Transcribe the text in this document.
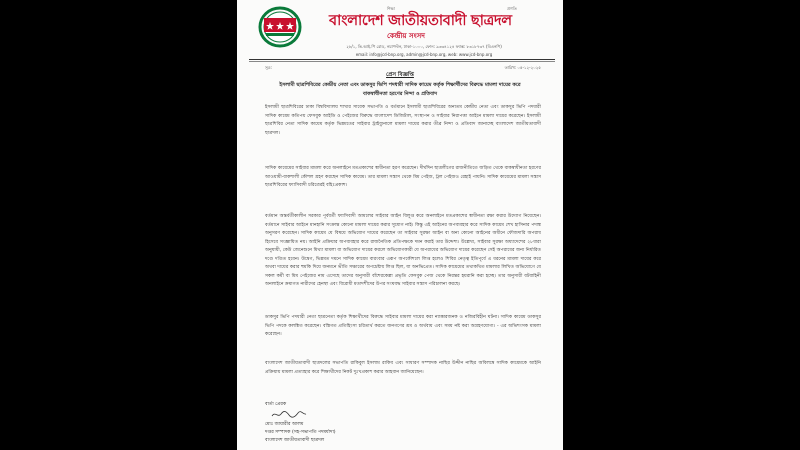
শিক্ষা	প্রগতি
বাংলাদেশ জাতীয়তাবাদী ছাত্রদল
কেন্দ্রীয় সংসদ
২৮/১, ভি.আই.পি রোড, নয়াপল্টন, ঢাকা-১০০০, ফোন: ৯৩৩৪১২৪ ফ্যাক্স: ৮৩১৮৭৩৭ (বিএনপি)
email: info@jcd-bnp.org, admin@jcd-bnp.org, web: www.jcd-bnp.org
সূত্র:	তারিখ: ০৫-১২-২০২৫
প্রেস বিজ্ঞপ্তি
ইসলামী ছাত্রশিবিরের কেন্দ্রীয় নেতা এবং ডাকসুর ভিপি পদধারী সাদিক কায়েম কর্তৃক শিক্ষার্থীদের বিরুদ্ধে মামলা দায়ের করে বাকস্বাধীনতা হরণের নিন্দা ও প্রতিবাদ
ইসলামী ছাত্রশিবিরের ঢাকা বিশ্ববিদ্যালয় শাখার সাবেক সভাপতি ও বর্তমানে ইসলামী ছাত্রশিবিরের অন্যতম কেন্দ্রীয় নেতা এবং ডাকসুর ভিপি পদধারী সাদিক কায়েম কতিপয় ফেসবুক আইডি ও পেইজের বিরুদ্ধে বাংলাদেশ ডিজিটাল, সংস্থাপন ও সাইবার নিরাপত্তা আইনে মামলা দায়ের করেছেন। ইসলামী ছাত্রশিবির নেতা সাদিক কায়েম কর্তৃক ভিন্নমতের সাইবার ট্রাইব্যুনালে মামলা দায়ের করার তীব্র নিন্দা ও প্রতিবাদ জানাচ্ছে বাংলাদেশ জাতীয়তাবাদী ছাত্রদল।
সাদিক কায়েমের সাইবার মামলা করে অনলাইনে মতপ্রকাশের স্বাধীনতা হরণ করেছেন। দীর্ঘদিন ছাত্রলীগের রাজনীতিতে জড়িত থেকে বাকস্বাধীনতা হরণের আওয়ামী-বাকশালী কৌশল গ্রহণ করছেন সাদিক কায়েম। তার মামলা সন্ত্রাস থেকে মিম পেইজ, ট্রল পেইজও রেহাই পায়নি। সাদিক কায়েমের মামলা সন্ত্রাস ছাত্রশিবিরের ফ্যাসিবাদী চরিত্রেরই বহিঃপ্রকাশ।
বর্তমান অন্তর্বর্তীকালীন সরকার পূর্ববর্তী ফ্যাসিবাদী আমলের সাইবার আইন বিলুপ্ত করে অনলাইনে মতপ্রকাশের স্বাধীনতা রক্ষা করার উদ্যোগ নিয়েছেন। বর্তমানে সাইবার আইনে মানহানি সংক্রান্ত কোনো মামলা দায়ের করার সুযোগ নাই। কিন্তু এই আইনের অপব্যবহার করে সাদিক কায়েম শেখ হাসিনার পদাঙ্ক অনুসরণ করেছেন। সাদিক কায়েম যে বিষয়ে অভিযোগ দায়ের করেছেন তা সাইবার সুরক্ষা আইন বা অন্য কোনো আইনের অধীনে ফৌজদারি অপরাধ হিসেবে সংজ্ঞায়িত নয়। আইনি প্রক্রিয়ার অপব্যবহার করে রাজনৈতিক প্রতিপক্ষকে দমন করাই তার উদ্দেশ্য। উল্লেখ্য, সাইবার সুরক্ষা অধ্যাদেশের ২৮ধারা অনুযায়ী, কেউ জেনেশুনে মিথ্যা মামলা বা অভিযোগ দায়ের করলে অভিযোগকারী যে অপরাধের অভিযোগ দায়ের করেছেন সেই অপরাধের জন্য নির্ধারিত দণ্ডে দণ্ডিত হবেন। উদ্বেগ, ভিন্নমত দমনে সাদিক কায়েম বারংবার এরূপ অপকৌশলে লিপ্ত হলেও শিবির নেতৃত্ব ইতিপূর্বে এ ধরনের মামলা দায়ের করে অথবা দায়ের করার হুমকি দিয়ে জনমনে ভীতি সঞ্চারের অপচেষ্টায় লিপ্ত ছিল, যা অনভিপ্রেত। সাদিক কায়েমের তথাকথিত মামলার লিখিত অভিযোগে যে সকল কর্মী বা মিম পেইজের নাম এসেছে তাদের অনুসারী বাঁশেরকেল্লা প্রভৃতি ফেসবুক পেজ থেকে নিরন্তর হয়রানি করা হচ্ছে। তার অনুসারী বটবাহিনী অনলাইনে ক্রমাগত নারীদের হেনস্থা এবং বিরোধী মতাদর্শীদের উপর সংঘবদ্ধ সাইবার সন্ত্রাস পরিচালনা করছে।
ডাকসুর ভিপি পদধারী নেতা ছাত্রনেতা কর্তৃক শিক্ষার্থীদের বিরুদ্ধে সাইবার মামলা দায়ের করা ন্যাক্কারজনক ও নজিরবিহীন ঘটনা। সাদিক কায়েম ডাকসুর ভিপি পদকে কলঙ্কিত করেছেন। বস্তিগত প্রতিহিংসা চরিতার্থ করতে জনগণের শ্রম ও অর্থব্যয় এবং সময় নষ্ট করা অগ্রহণযোগ্য। - এর অভিশংসক মামলা করেছেন।
বাংলাদেশ জাতীয়তাবাদী ছাত্রদলের সভাপতি রাকিবুল ইসলাম রাকিব এবং সাধারণ সম্পাদক নাছির উদ্দীন নাছির অবিলম্বে সাদিক কায়েমকে আইনি প্রক্রিয়ায় মামলা প্রত্যাহার করে শিক্ষার্থীদের নিকট দুঃখপ্রকাশ করার আহবান জানিয়েছেন।
বার্তা প্রেরক
মোঃ জায়ারীর আলম
দপ্তর সম্পাদক (সহ-সভাপতি পদমর্যাদা)
বাংলাদেশ জাতীয়তাবাদী ছাত্রদল
